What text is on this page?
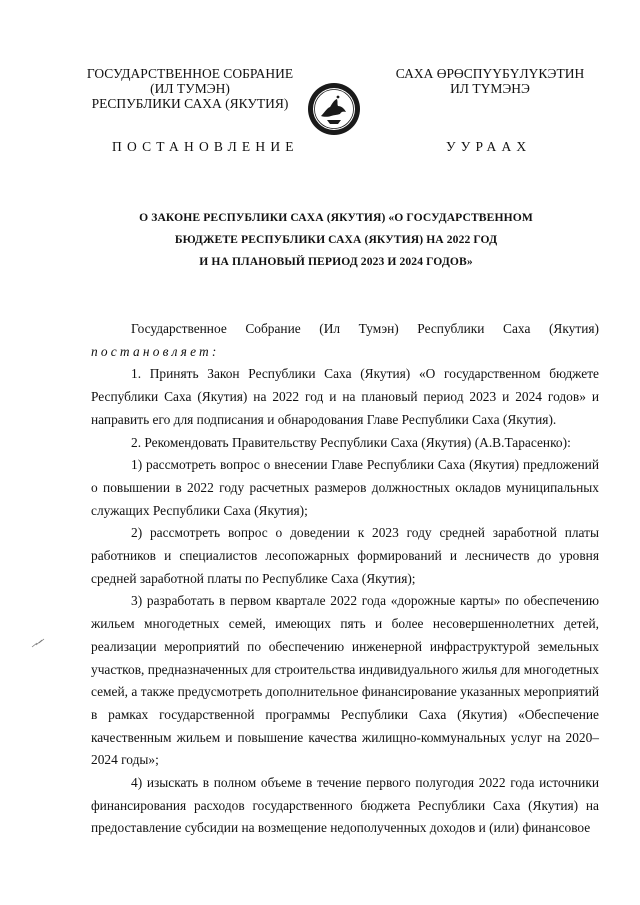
ГОСУДАРСТВЕННОЕ СОБРАНИЕ
(ИЛ ТУМЭН)
РЕСПУБЛИКИ САХА (ЯКУТИЯ)
САХА ӨРӨСПҮҮБҮЛҮКЭТИН
ИЛ ТҮМЭНЭ
ПОСТАНОВЛЕНИЕ	УУРААХ
О ЗАКОНЕ РЕСПУБЛИКИ САХА (ЯКУТИЯ) «О ГОСУДАРСТВЕННОМ
БЮДЖЕТЕ РЕСПУБЛИКИ САХА (ЯКУТИЯ) НА 2022 ГОД
И НА ПЛАНОВЫЙ ПЕРИОД 2023 И 2024 ГОДОВ»

Государственное Собрание (Ил Тумэн) Республики Саха (Якутия)

постановляет:

1. Принять Закон Республики Саха (Якутия) «О государственном бюджете Республики Саха (Якутия) на 2022 год и на плановый период 2023 и 2024 годов» и направить его для подписания и обнародования Главе Республики Саха (Якутия).

2. Рекомендовать Правительству Республики Саха (Якутия) (А.В.Тарасенко):

1) рассмотреть вопрос о внесении Главе Республики Саха (Якутия) предложений о повышении в 2022 году расчетных размеров должностных окладов муниципальных служащих Республики Саха (Якутия);

2) рассмотреть вопрос о доведении к 2023 году средней заработной платы работников и специалистов лесопожарных формирований и лесничеств до уровня средней заработной платы по Республике Саха (Якутия);

3) разработать в первом квартале 2022 года «дорожные карты» по обеспечению жильем многодетных семей, имеющих пять и более несовершеннолетних детей, реализации мероприятий по обеспечению инженерной инфраструктурой земельных участков, предназначенных для строительства индивидуального жилья для многодетных семей, а также предусмотреть дополнительное финансирование указанных мероприятий в рамках государственной программы Республики Саха (Якутия) «Обеспечение качественным жильем и повышение качества жилищно-коммунальных услуг на 2020–2024 годы»;

4) изыскать в полном объеме в течение первого полугодия 2022 года источники финансирования расходов государственного бюджета Республики Саха (Якутия) на предоставление субсидии на возмещение недополученных доходов и (или) финансовое
